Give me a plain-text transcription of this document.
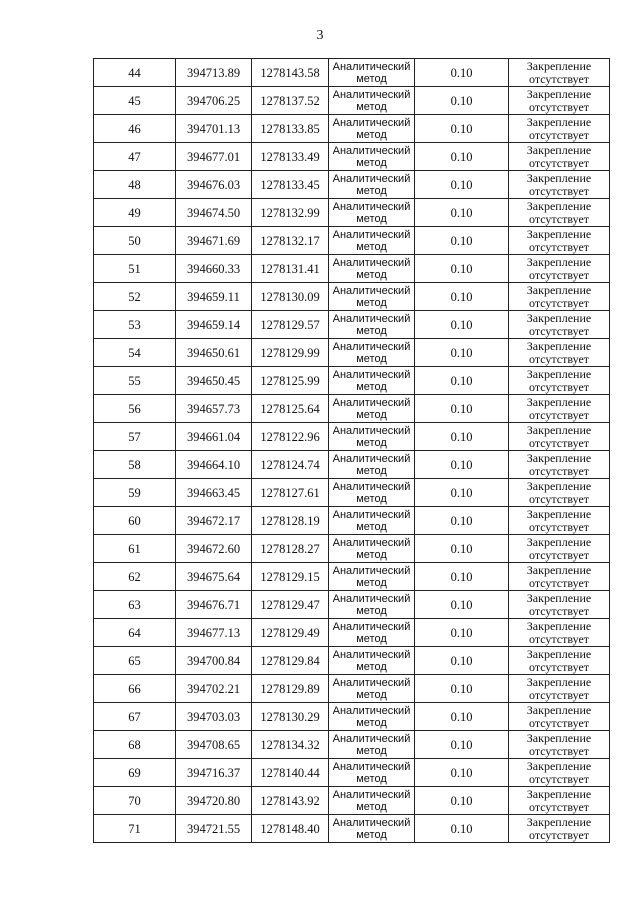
3
44	394713.89	1278143.58	Аналитический
метод	0.10	Закрепление
отсутствует

45	394706.25	1278137.52	Аналитический
метод	0.10	Закрепление
отсутствует

46	394701.13	1278133.85	Аналитический
метод	0.10	Закрепление
отсутствует

47	394677.01	1278133.49	Аналитический
метод	0.10	Закрепление
отсутствует

48	394676.03	1278133.45	Аналитический
метод	0.10	Закрепление
отсутствует

49	394674.50	1278132.99	Аналитический
метод	0.10	Закрепление
отсутствует

50	394671.69	1278132.17	Аналитический
метод	0.10	Закрепление
отсутствует

51	394660.33	1278131.41	Аналитический
метод	0.10	Закрепление
отсутствует

52	394659.11	1278130.09	Аналитический
метод	0.10	Закрепление
отсутствует

53	394659.14	1278129.57	Аналитический
метод	0.10	Закрепление
отсутствует

54	394650.61	1278129.99	Аналитический
метод	0.10	Закрепление
отсутствует

55	394650.45	1278125.99	Аналитический
метод	0.10	Закрепление
отсутствует

56	394657.73	1278125.64	Аналитический
метод	0.10	Закрепление
отсутствует

57	394661.04	1278122.96	Аналитический
метод	0.10	Закрепление
отсутствует

58	394664.10	1278124.74	Аналитический
метод	0.10	Закрепление
отсутствует

59	394663.45	1278127.61	Аналитический
метод	0.10	Закрепление
отсутствует

60	394672.17	1278128.19	Аналитический
метод	0.10	Закрепление
отсутствует

61	394672.60	1278128.27	Аналитический
метод	0.10	Закрепление
отсутствует

62	394675.64	1278129.15	Аналитический
метод	0.10	Закрепление
отсутствует

63	394676.71	1278129.47	Аналитический
метод	0.10	Закрепление
отсутствует

64	394677.13	1278129.49	Аналитический
метод	0.10	Закрепление
отсутствует

65	394700.84	1278129.84	Аналитический
метод	0.10	Закрепление
отсутствует

66	394702.21	1278129.89	Аналитический
метод	0.10	Закрепление
отсутствует

67	394703.03	1278130.29	Аналитический
метод	0.10	Закрепление
отсутствует

68	394708.65	1278134.32	Аналитический
метод	0.10	Закрепление
отсутствует

69	394716.37	1278140.44	Аналитический
метод	0.10	Закрепление
отсутствует

70	394720.80	1278143.92	Аналитический
метод	0.10	Закрепление
отсутствует

71	394721.55	1278148.40	Аналитический
метод	0.10	Закрепление
отсутствует
